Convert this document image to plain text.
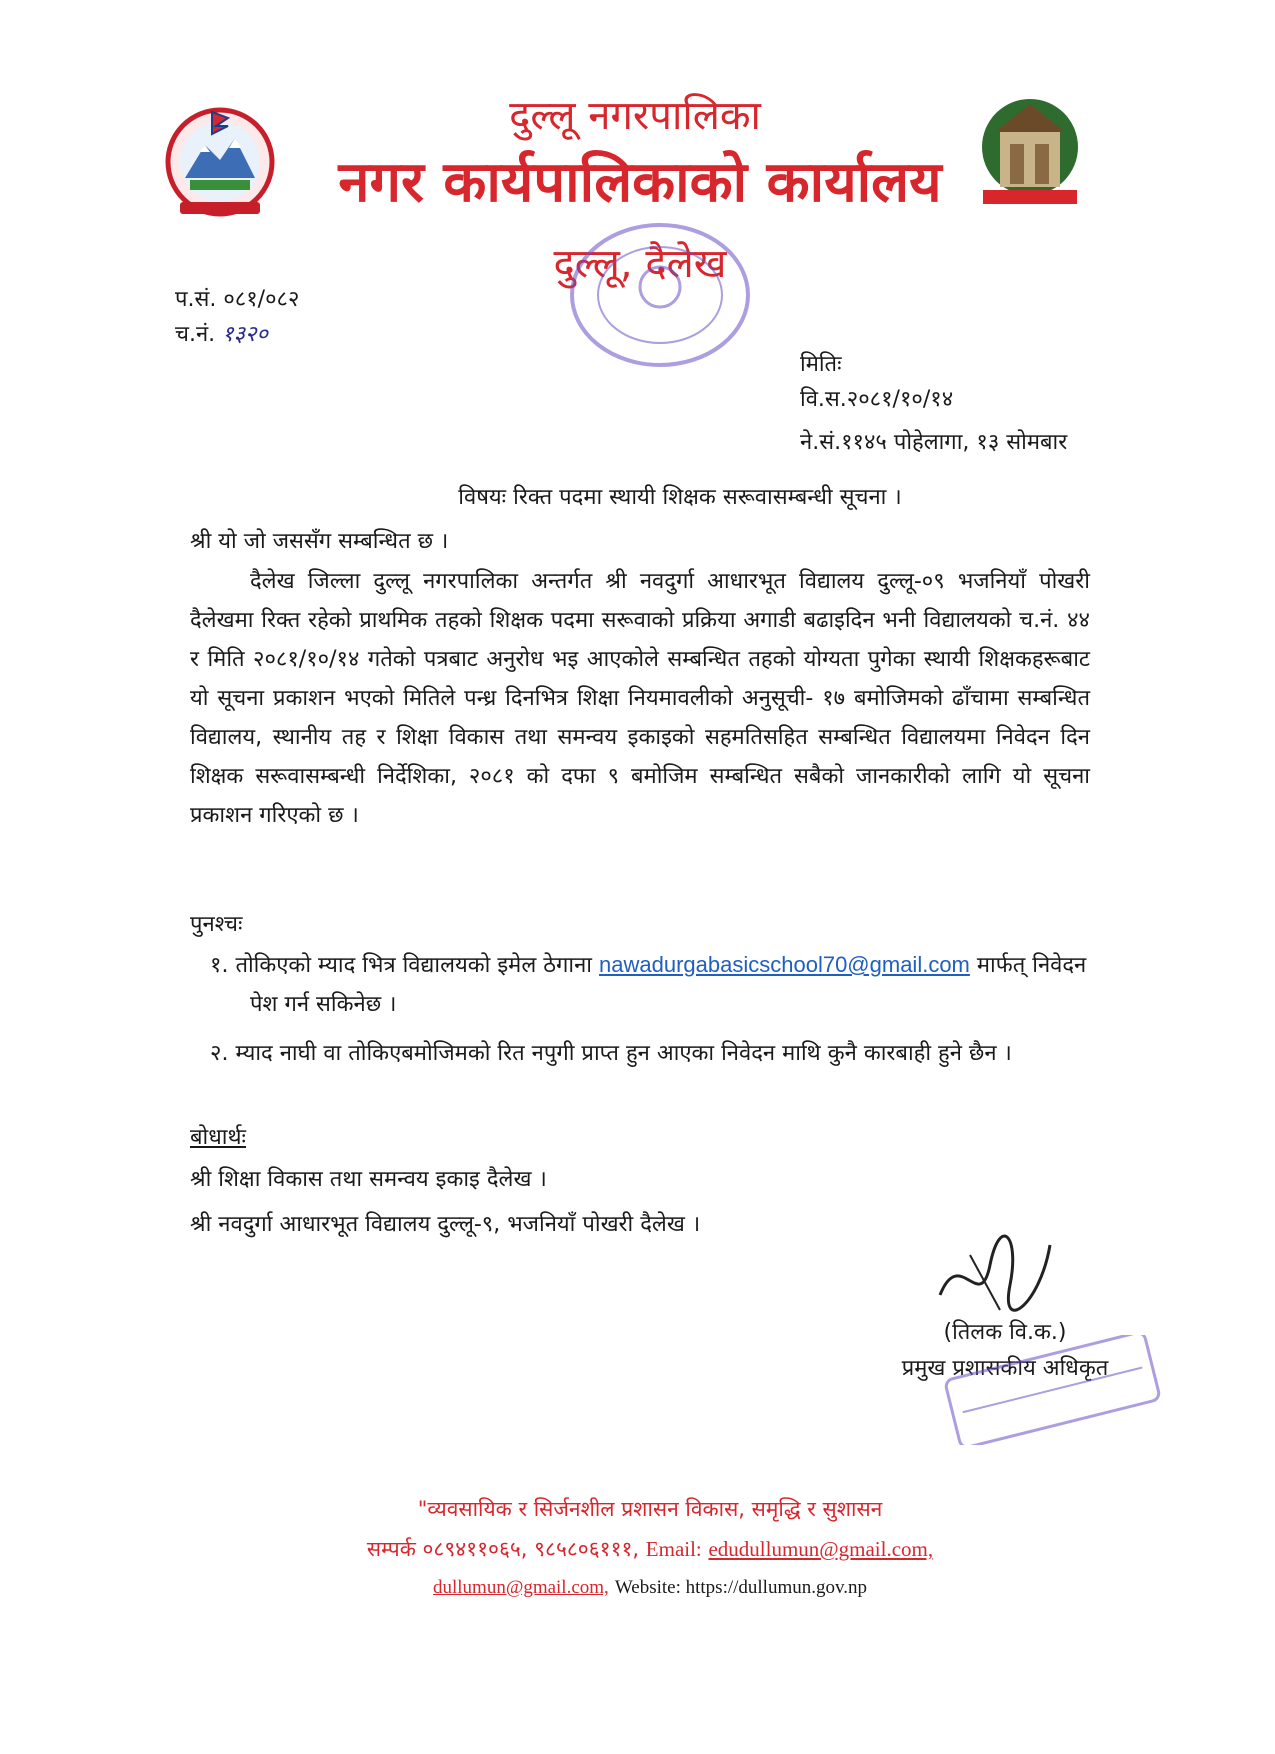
दुल्लू नगरपालिका
नगर कार्यपालिकाको कार्यालय
दुल्लू, दैलेख
प.सं. ०८१/०८२
च.नं. १३२०
मितिः
वि.स.२०८१/१०/१४
ने.सं.११४५ पोहेलागा, १३ सोमबार
विषयः रिक्त पदमा स्थायी शिक्षक सरूवासम्बन्धी सूचना ।
श्री यो जो जससँग सम्बन्धित छ ।

दैलेख जिल्ला दुल्लू नगरपालिका अन्तर्गत श्री नवदुर्गा आधारभूत विद्यालय दुल्लू-०९ भजनियाँ पोखरी दैलेखमा रिक्त रहेको प्राथमिक तहको शिक्षक पदमा सरूवाको प्रक्रिया अगाडी बढाइदिन भनी विद्यालयको च.नं. ४४ र मिति २०८१/१०/१४ गतेको पत्रबाट अनुरोध भइ आएकोले सम्बन्धित तहको योग्यता पुगेका स्थायी शिक्षकहरूबाट यो सूचना प्रकाशन भएको मितिले पन्ध्र दिनभित्र शिक्षा नियमावलीको अनुसूची- १७ बमोजिमको ढाँचामा सम्बन्धित विद्यालय, स्थानीय तह र शिक्षा विकास तथा समन्वय इकाइको सहमतिसहित सम्बन्धित विद्यालयमा निवेदन दिन शिक्षक सरूवासम्बन्धी निर्देशिका, २०८१ को दफा ९ बमोजिम सम्बन्धित सबैको जानकारीको लागि यो सूचना प्रकाशन गरिएको छ ।

पुनश्चः
१. तोकिएको म्याद भित्र विद्यालयको इमेल ठेगाना nawadurgabasicschool70@gmail.com मार्फत् निवेदन पेश गर्न सकिनेछ ।
२. म्याद नाघी वा तोकिएबमोजिमको रित नपुगी प्राप्त हुन आएका निवेदन माथि कुनै कारबाही हुने छैन ।
बोधार्थः
श्री शिक्षा विकास तथा समन्वय इकाइ दैलेख ।
श्री नवदुर्गा आधारभूत विद्यालय दुल्लू-९, भजनियाँ पोखरी दैलेख ।
(तिलक वि.क.)
प्रमुख प्रशासकीय अधिकृत
"व्यवसायिक र सिर्जनशील प्रशासन विकास, समृद्धि र सुशासन
सम्पर्क ०८९४११०६५, ९८५८०६१११, Email: edudullumun@gmail.com,
dullumun@gmail.com, Website: https://dullumun.gov.np
